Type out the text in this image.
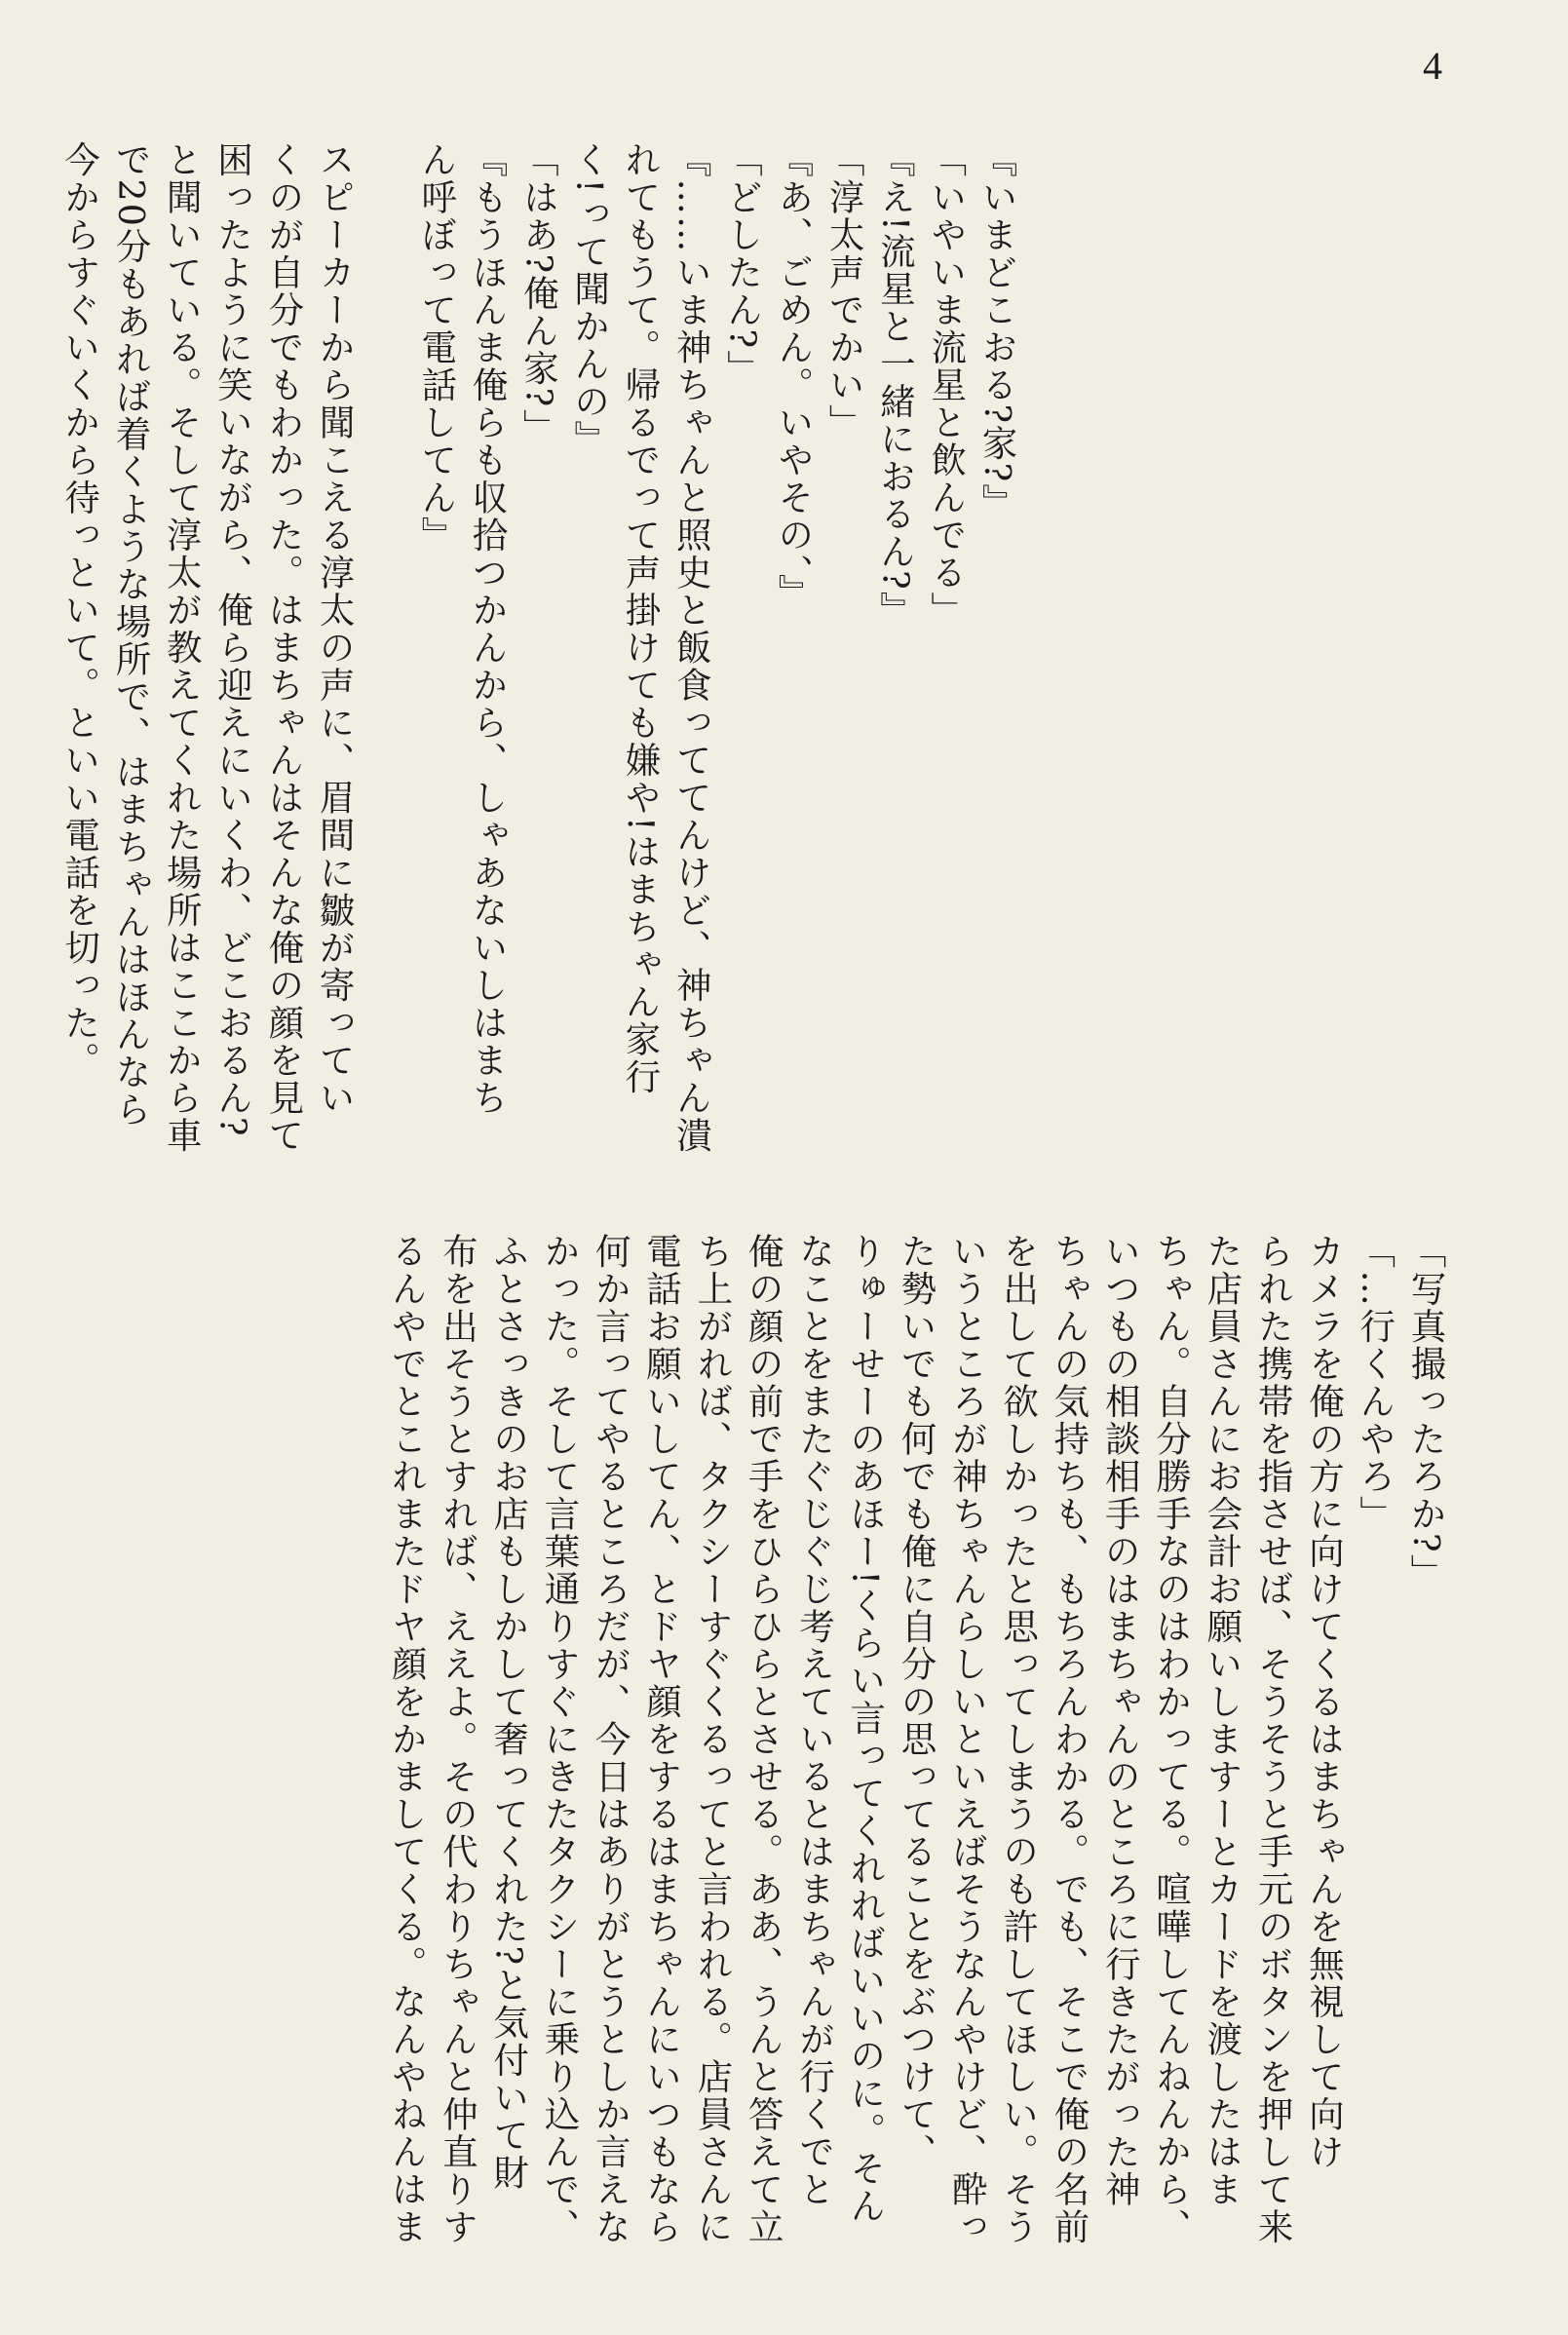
4
『いまどこおる?家?』
「いやいま流星と飲んでる」
『え!流星と一緒におるん?』
「淳太声でかい」
『あ、ごめん。いやその、』
「どしたん?」
『……いま神ちゃんと照史と飯食っててんけど、神ちゃん潰
れてもうて。帰るでって声掛けても嫌や!はまちゃん家行
く!って聞かんの』
「はあ?俺ん家?」
『もうほんま俺らも収拾つかんから、しゃあないしはまち
ん呼ぼって電話してん』
スピーカーから聞こえる淳太の声に、眉間に皺が寄ってい
くのが自分でもわかった。はまちゃんはそんな俺の顔を見て
困ったように笑いながら、俺ら迎えにいくわ、どこおるん?
と聞いている。そして淳太が教えてくれた場所はここから車
で20分もあれば着くような場所で、はまちゃんはほんなら
今からすぐいくから待っといて。といい電話を切った。
「写真撮ったろか?」
「…行くんやろ」
カメラを俺の方に向けてくるはまちゃんを無視して向け
られた携帯を指させば、そうそうと手元のボタンを押して来
た店員さんにお会計お願いしますーとカードを渡したはま
ちゃん。自分勝手なのはわかってる。喧嘩してんねんから、
いつもの相談相手のはまちゃんのところに行きたがった神
ちゃんの気持ちも、もちろんわかる。でも、そこで俺の名前
を出して欲しかったと思ってしまうのも許してほしい。そう
いうところが神ちゃんらしいといえばそうなんやけど、酔っ
た勢いでも何でも俺に自分の思ってることをぶつけて、
りゅーせーのあほー!くらい言ってくれればいいのに。そん
なことをまたぐじぐじ考えているとはまちゃんが行くでと
俺の顔の前で手をひらひらとさせる。ああ、うんと答えて立
ち上がれば、タクシーすぐくるってと言われる。店員さんに
電話お願いしてん、とドヤ顔をするはまちゃんにいつもなら
何か言ってやるところだが、今日はありがとうとしか言えな
かった。そして言葉通りすぐにきたタクシーに乗り込んで、
ふとさっきのお店もしかして奢ってくれた?と気付いて財
布を出そうとすれば、ええよ。その代わりちゃんと仲直りす
るんやでとこれまたドヤ顔をかましてくる。なんやねんはま
